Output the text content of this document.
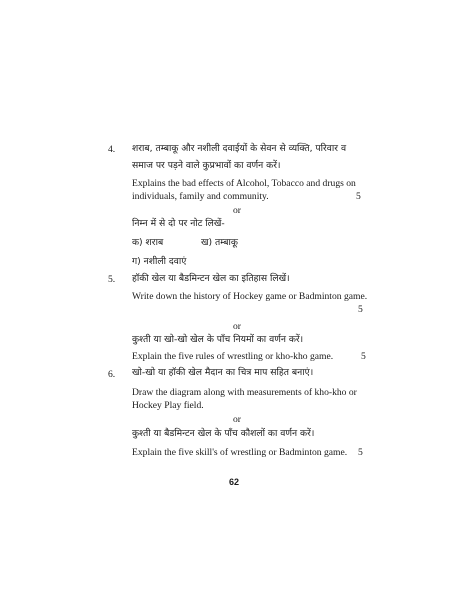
4. शराब, तम्बाकू और नशीली दवाईयों के सेवन से व्यक्ति, परिवार व
समाज पर पड़ने वाले कुप्रभावों का वर्णन करें।
Explains the bad effects of Alcohol, Tobacco and drugs on
individuals, family and community.	5
or
निम्न में से दो पर नोट लिखें-
क) शराब	ख) तम्बाकू
ग) नशीली दवाएं
5. हॉकी खेल या बैडमिन्टन खेल का इतिहास लिखें।
Write down the history of Hockey game or Badminton game.
5
or
कुश्ती या खो-खो खेल के पाँच नियमों का वर्णन करें।
Explain the five rules of wrestling or kho-kho game.	5
6. खो-खो या हॉकी खेल मैदान का चित्र माप सहित बनाएं।
Draw the diagram along with measurements of kho-kho or
Hockey Play field.
or
कुश्ती या बैडमिन्टन खेल के पाँच कौशलों का वर्णन करें।
Explain the five skill's of wrestling or Badminton game. 5
62
